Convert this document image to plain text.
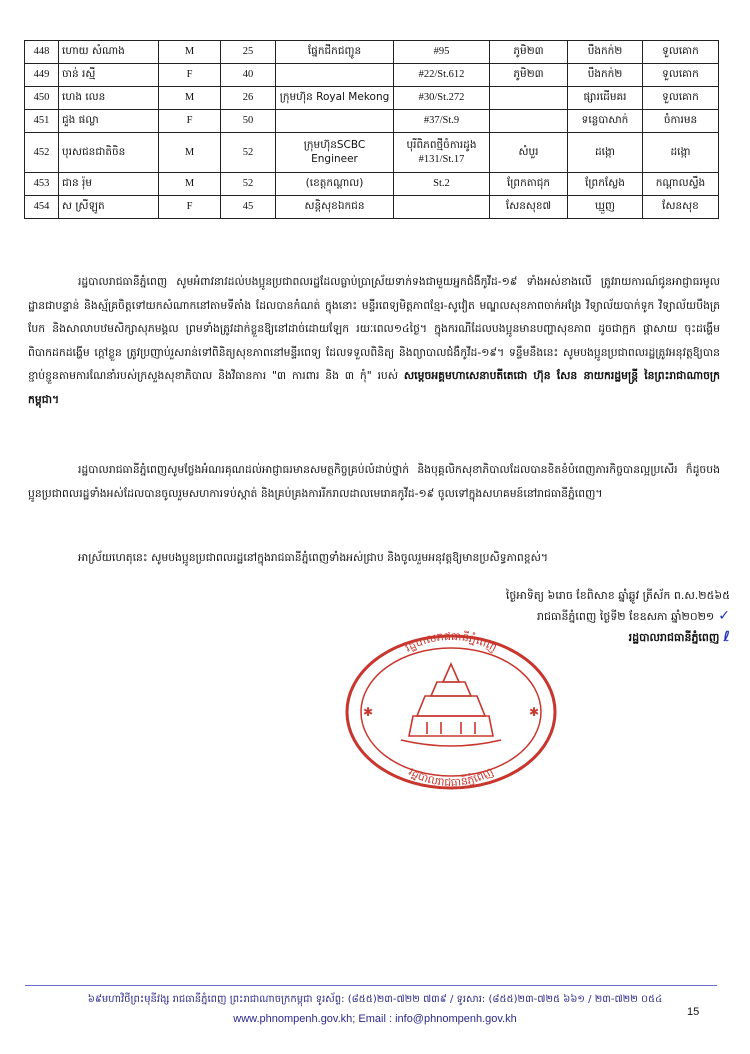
448	ហោយ សំណាង	M	25	ផ្នែកជីកជញ្ជូន	#95	ភូមិ២៣	បឹងកក់២	ទួលគោក
449	ចាន់ រស្មី	F	40		#22/St.612	ភូមិ២៣	បឹងកក់២	ទួលគោក
450	ហេង លេន	M	26	ក្រុមហ៊ុន Royal Mekong	#30/St.272		ផ្សារដើមគរ	ទួលគោក
451	ជួង ផល្លា	F	50		#37/St.9		ទន្លេបាសាក់	ចំការមន
452	បុរសជនជាតិចិន	M	52	ក្រុមហ៊ុនSCBC Engineer	បុរីពិភពថ្មីចំការដូង #131/St.17	សំបួរ	ដង្កោ	ដង្កោ
453	ជាន រ៉ុម	M	52	(ខេត្តកណ្ដាល)	St.2	ព្រែកតាជុក	ព្រែកស្លែង	កណ្ដាលស្ទឹង
454	ស ស្រីឡូត	F	45	សន្តិសុខឯកជន		សែនសុខ៧	ឃ្មួញ	សែនសុខ

រដ្ឋបាលរាជធានីភ្នំពេញ សូមអំពាវនាវដល់បងប្អូនប្រជាពលរដ្ឋដែលធ្លាប់ប្រាស្រ័យទាក់ទងជាមួយអ្នកជំងឺកូវីដ-១៩ ទាំងអស់ខាងលើ ត្រូវរាយការណ៍ជូនអាជ្ញាធរមូលដ្ឋានជាបន្ទាន់ និងស្ម័គ្រចិត្តទៅយកសំណាកនៅតាមទីតាំង ដែលបានកំណត់ ក្នុងនោះ មន្ទីរពេទ្យមិត្តភាពខ្មែរ-សូវៀត មណ្ឌលសុខភាពចាក់អង្រែ វិទ្យាល័យបាក់ទូក វិទ្យាល័យបឹងត្របែក និងសាលាបឋមសិក្សាសុភមង្គល ព្រមទាំងត្រូវដាក់ខ្លួនឱ្យនៅដាច់ដោយឡែក រយៈពេល១៤ថ្ងៃ។ ក្នុងករណីដែលបងប្អូនមានបញ្ហាសុខភាព ដូចជាក្អក ផ្ដាសាយ ចុះដង្ហើម ពិបាកដកដង្ហើម ក្ដៅខ្លួន ត្រូវប្រញាប់រួសរាន់ទៅពិនិត្យសុខភាពនៅមន្ទីរពេទ្យ ដែលទទួលពិនិត្យ និងព្យាបាលជំងឺកូវីដ-១៩។ ទន្ទឹមនឹងនេះ សូមបងប្អូនប្រជាពលរដ្ឋត្រូវអនុវត្តឱ្យបានខ្ជាប់ខ្ជួនតាមការណែនាំរបស់ក្រសួងសុខាភិបាល និងវិធានការ "៣ ការពារ និង ៣ កុំ" របស់ សម្ដេចអគ្គមហាសេនាបតីតេជោ ហ៊ុន សែន នាយករដ្ឋមន្ត្រី នៃព្រះរាជាណាចក្រកម្ពុជា។

រដ្ឋបាលរាជធានីភ្នំពេញសូមថ្លែងអំណរគុណដល់អាជ្ញាធរមានសមត្ថកិច្ចគ្រប់លំដាប់ថ្នាក់ និងបុគ្គលិកសុខាភិបាលដែលបានខិតខំបំពេញភារកិច្ចបានល្អប្រសើរ ក៏ដូចបងប្អូនប្រជាពលរដ្ឋទាំងអស់ដែលបានចូលរួមសហការទប់ស្កាត់ និងគ្រប់គ្រងការរីករាលដាលមេរោគកូវីដ-១៩ ចូលទៅក្នុងសហគមន៍នៅរាជធានីភ្នំពេញ។

អាស្រ័យហេតុនេះ សូមបងប្អូនប្រជាពលរដ្ឋនៅក្នុងរាជធានីភ្នំពេញទាំងអស់ជ្រាប និងចូលរួមអនុវត្តឱ្យមានប្រសិទ្ធភាពខ្ពស់។

ថ្ងៃអាទិត្យ ៦រោច ខែពិសាខ ឆ្នាំឆ្លូវ ត្រីស័ក ព.ស.២៥៦៥
រាជធានីភ្នំពេញ ថ្ងៃទី២ ខែឧសភា ឆ្នាំ២០២១ ✓
រដ្ឋបាលរាជធានីភ្នំពេញ ℓ
រដ្ឋបាលរាជធានីភ្នំពេញ
រដ្ឋបាលរាជធានីភ្នំពេញ
✱	✱
៦៩មហាវិថីព្រះមុនីវង្ស រាជធានីភ្នំពេញ ព្រះរាជាណាចក្រកម្ពុជា ទូរស័ព្ទ: (៨៥៥)២៣-៧២២ ៧៣៩ / ទូរសារ: (៨៥៥)២៣-៧២៥ ៦៦១ / ២៣-៧២២ ០៥៤
www.phnompenh.gov.kh; Email : info@phnompenh.gov.kh
15
